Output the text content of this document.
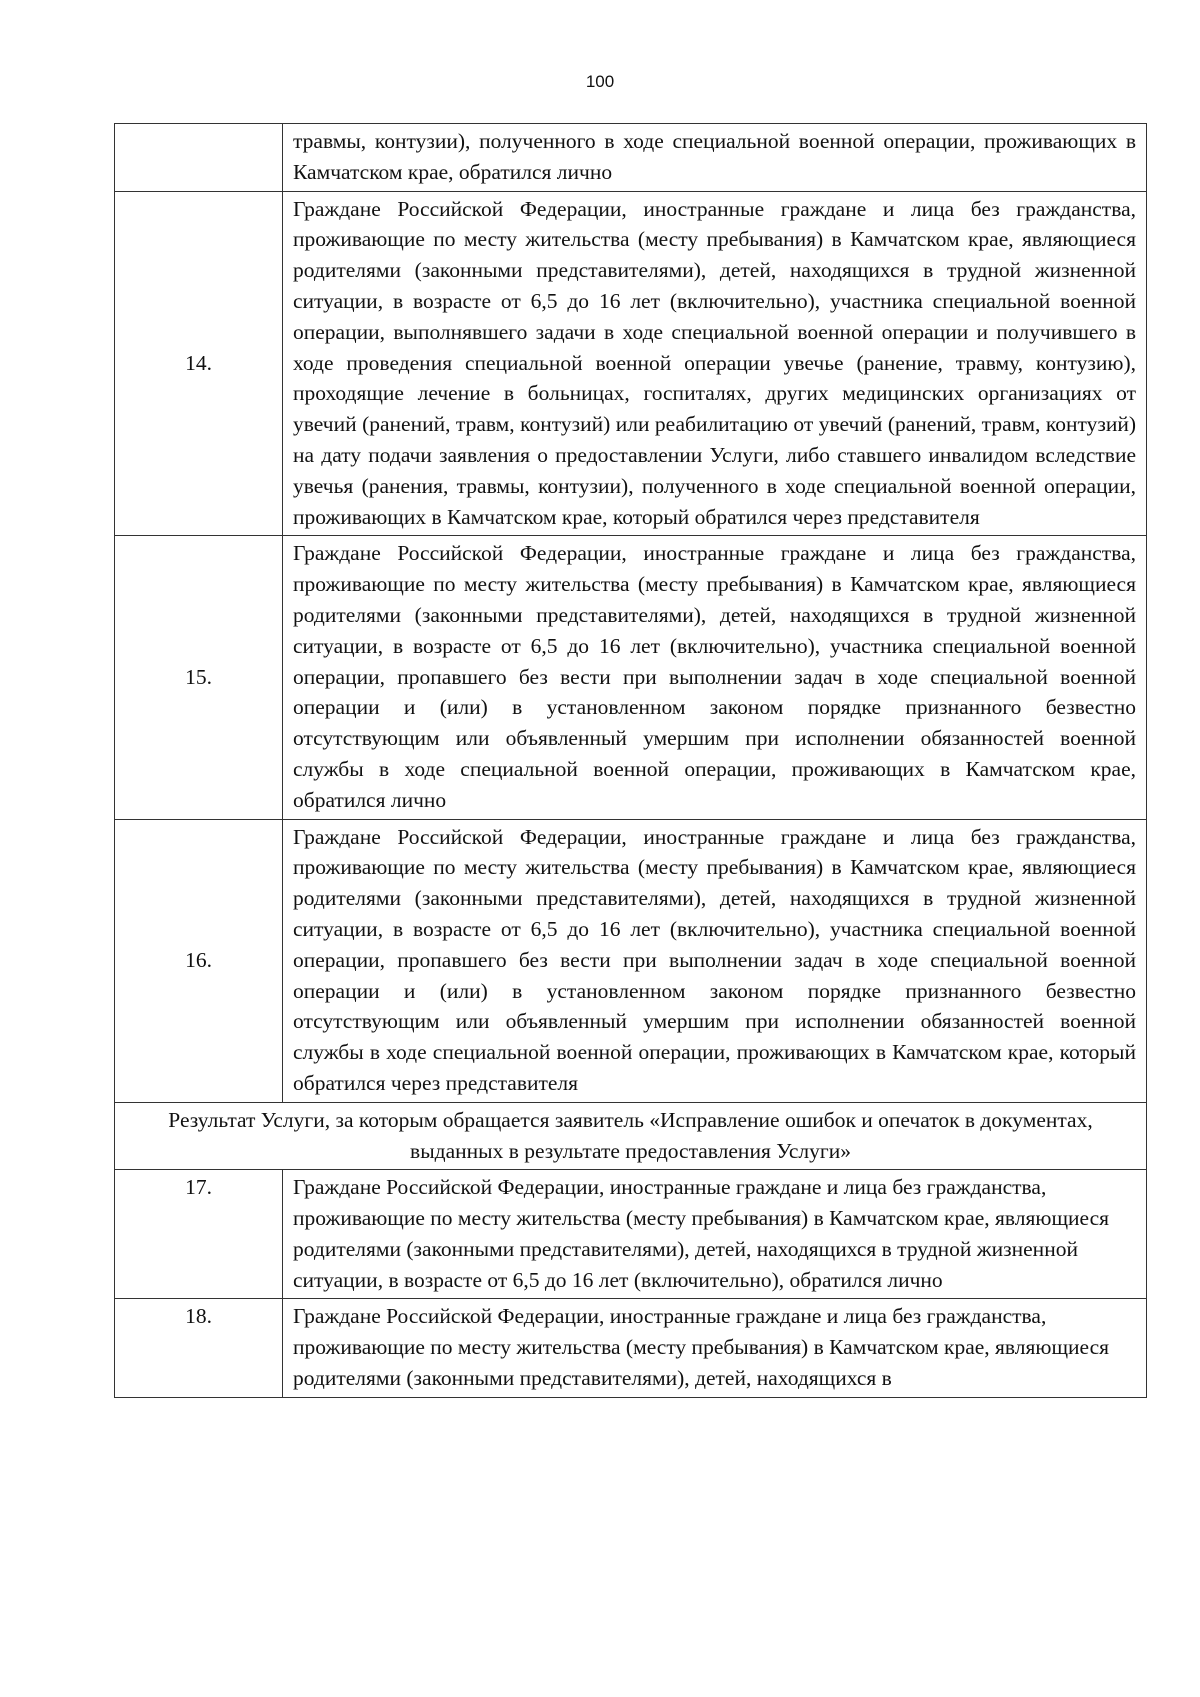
100
	травмы, контузии), полученного в ходе специальной военной операции, проживающих в Камчатском крае, обратился лично
14.	Граждане Российской Федерации, иностранные граждане и лица без гражданства, проживающие по месту жительства (месту пребывания) в Камчатском крае, являющиеся родителями (законными представителями), детей, находящихся в трудной жизненной ситуации, в возрасте от 6,5 до 16 лет (включительно), участника специальной военной операции, выполнявшего задачи в ходе специальной военной операции и получившего в ходе проведения специальной военной операции увечье (ранение, травму, контузию), проходящие лечение в больницах, госпиталях, других медицинских организациях от увечий (ранений, травм, контузий) или реабилитацию от увечий (ранений, травм, контузий) на дату подачи заявления о предоставлении Услуги, либо ставшего инвалидом вследствие увечья (ранения, травмы, контузии), полученного в ходе специальной военной операции, проживающих в Камчатском крае, который обратился через представителя
15.	Граждане Российской Федерации, иностранные граждане и лица без гражданства, проживающие по месту жительства (месту пребывания) в Камчатском крае, являющиеся родителями (законными представителями), детей, находящихся в трудной жизненной ситуации, в возрасте от 6,5 до 16 лет (включительно), участника специальной военной операции, пропавшего без вести при выполнении задач в ходе специальной военной операции и (или) в установленном законом порядке признанного безвестно отсутствующим или объявленный умершим при исполнении обязанностей военной службы в ходе специальной военной операции, проживающих в Камчатском крае, обратился лично
16.	Граждане Российской Федерации, иностранные граждане и лица без гражданства, проживающие по месту жительства (месту пребывания) в Камчатском крае, являющиеся родителями (законными представителями), детей, находящихся в трудной жизненной ситуации, в возрасте от 6,5 до 16 лет (включительно), участника специальной военной операции, пропавшего без вести при выполнении задач в ходе специальной военной операции и (или) в установленном законом порядке признанного безвестно отсутствующим или объявленный умершим при исполнении обязанностей военной службы в ходе специальной военной операции, проживающих в Камчатском крае, который обратился через представителя
Результат Услуги, за которым обращается заявитель «Исправление ошибок и опечаток в документах, выданных в результате предоставления Услуги»	
17.	Граждане Российской Федерации, иностранные граждане и лица без гражданства, проживающие по месту жительства (месту пребывания) в Камчатском крае, являющиеся родителями (законными представителями), детей, находящихся в трудной жизненной ситуации, в возрасте от 6,5 до 16 лет (включительно), обратился лично
18.	Граждане Российской Федерации, иностранные граждане и лица без гражданства, проживающие по месту жительства (месту пребывания) в Камчатском крае, являющиеся родителями (законными представителями), детей, находящихся в
